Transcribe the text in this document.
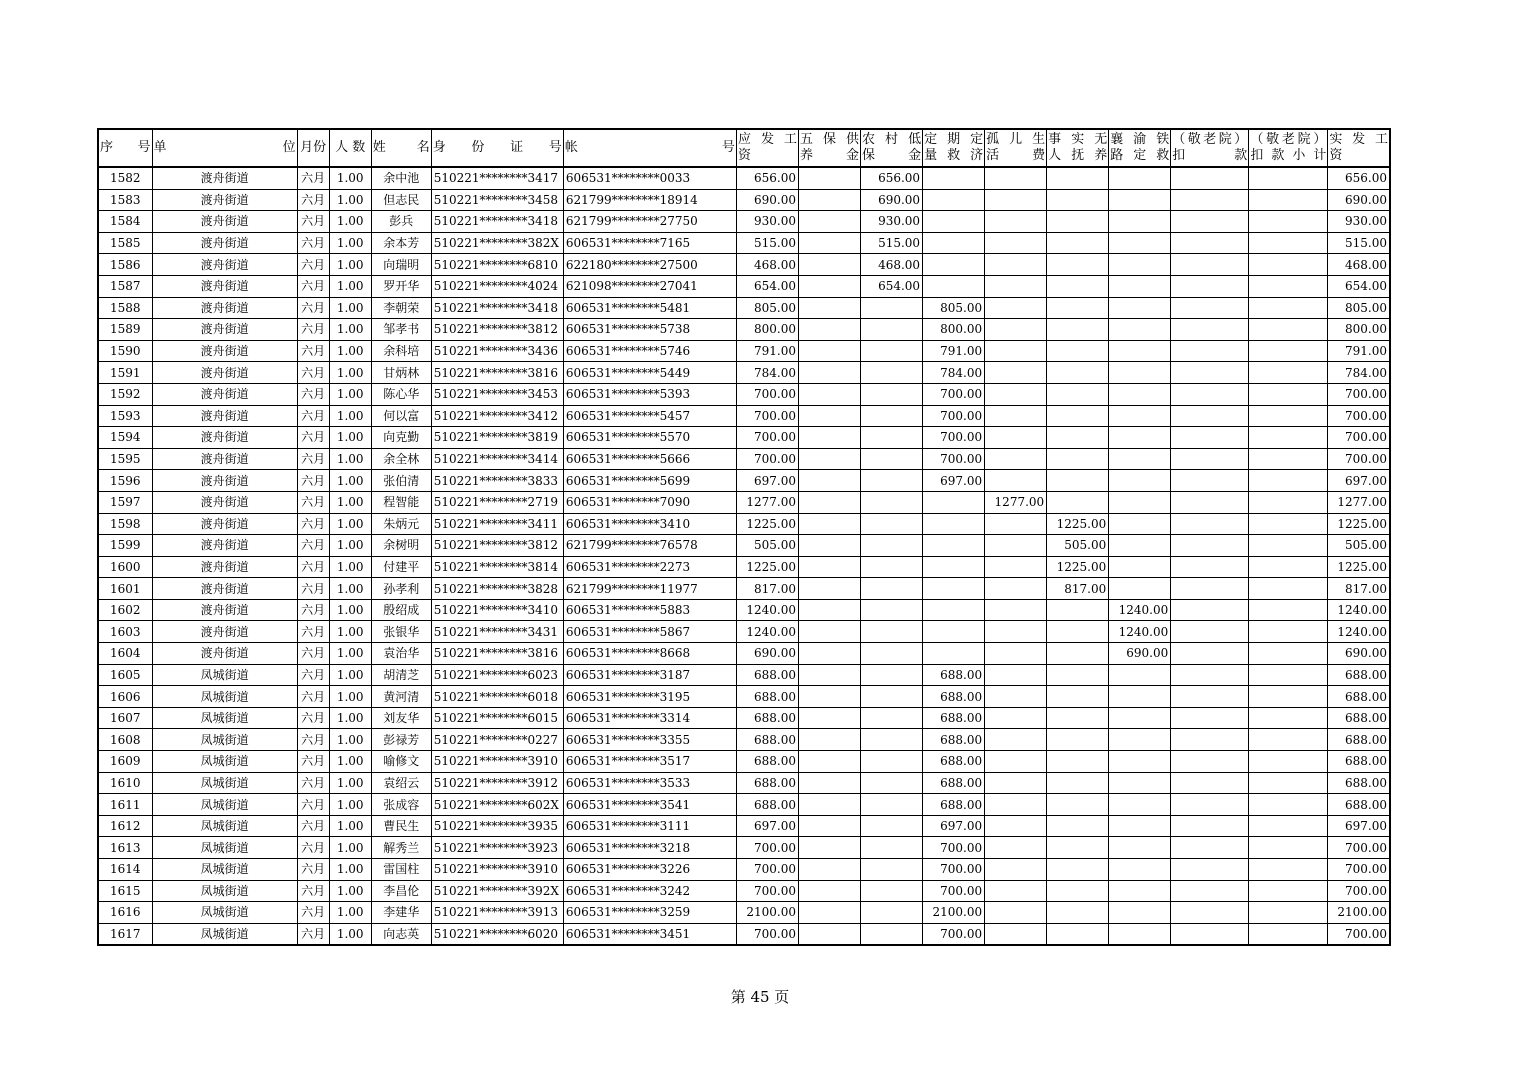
序 号	单 位	月份	人 数	姓 名	身 份 证 号	帐 号	应 发 工 资	五 保 供 养 金	农 村 低 保 金	定 期 定 量 救 济	孤 儿 生 活 费	事 实 无 人 抚 养	襄 渝 铁 路 定 救	（敬老院）扣 款	（敬老院）扣 款 小 计	实 发 工 资
1582	渡舟街道	六月	1.00	余中池	510221********3417	606531********0033	656.00		656.00							656.00
1583	渡舟街道	六月	1.00	但志民	510221********3458	621799********18914	690.00		690.00							690.00
1584	渡舟街道	六月	1.00	彭兵	510221********3418	621799********27750	930.00		930.00							930.00
1585	渡舟街道	六月	1.00	余本芳	510221********382X	606531********7165	515.00		515.00							515.00
1586	渡舟街道	六月	1.00	向瑞明	510221********6810	622180********27500	468.00		468.00							468.00
1587	渡舟街道	六月	1.00	罗开华	510221********4024	621098********27041	654.00		654.00							654.00
1588	渡舟街道	六月	1.00	李朝荣	510221********3418	606531********5481	805.00			805.00						805.00
1589	渡舟街道	六月	1.00	邹孝书	510221********3812	606531********5738	800.00			800.00						800.00
1590	渡舟街道	六月	1.00	余科培	510221********3436	606531********5746	791.00			791.00						791.00
1591	渡舟街道	六月	1.00	甘炳林	510221********3816	606531********5449	784.00			784.00						784.00
1592	渡舟街道	六月	1.00	陈心华	510221********3453	606531********5393	700.00			700.00						700.00
1593	渡舟街道	六月	1.00	何以富	510221********3412	606531********5457	700.00			700.00						700.00
1594	渡舟街道	六月	1.00	向克勤	510221********3819	606531********5570	700.00			700.00						700.00
1595	渡舟街道	六月	1.00	余全林	510221********3414	606531********5666	700.00			700.00						700.00
1596	渡舟街道	六月	1.00	张伯清	510221********3833	606531********5699	697.00			697.00						697.00
1597	渡舟街道	六月	1.00	程智能	510221********2719	606531********7090	1277.00				1277.00					1277.00
1598	渡舟街道	六月	1.00	朱炳元	510221********3411	606531********3410	1225.00					1225.00				1225.00
1599	渡舟街道	六月	1.00	余树明	510221********3812	621799********76578	505.00					505.00				505.00
1600	渡舟街道	六月	1.00	付建平	510221********3814	606531********2273	1225.00					1225.00				1225.00
1601	渡舟街道	六月	1.00	孙孝利	510221********3828	621799********11977	817.00					817.00				817.00
1602	渡舟街道	六月	1.00	殷绍成	510221********3410	606531********5883	1240.00						1240.00			1240.00
1603	渡舟街道	六月	1.00	张银华	510221********3431	606531********5867	1240.00						1240.00			1240.00
1604	渡舟街道	六月	1.00	袁治华	510221********3816	606531********8668	690.00						690.00			690.00
1605	凤城街道	六月	1.00	胡清芝	510221********6023	606531********3187	688.00			688.00						688.00
1606	凤城街道	六月	1.00	黄河清	510221********6018	606531********3195	688.00			688.00						688.00
1607	凤城街道	六月	1.00	刘友华	510221********6015	606531********3314	688.00			688.00						688.00
1608	凤城街道	六月	1.00	彭禄芳	510221********0227	606531********3355	688.00			688.00						688.00
1609	凤城街道	六月	1.00	喻修文	510221********3910	606531********3517	688.00			688.00						688.00
1610	凤城街道	六月	1.00	袁绍云	510221********3912	606531********3533	688.00			688.00						688.00
1611	凤城街道	六月	1.00	张成容	510221********602X	606531********3541	688.00			688.00						688.00
1612	凤城街道	六月	1.00	曹民生	510221********3935	606531********3111	697.00			697.00						697.00
1613	凤城街道	六月	1.00	解秀兰	510221********3923	606531********3218	700.00			700.00						700.00
1614	凤城街道	六月	1.00	雷国柱	510221********3910	606531********3226	700.00			700.00						700.00
1615	凤城街道	六月	1.00	李昌伦	510221********392X	606531********3242	700.00			700.00						700.00
1616	凤城街道	六月	1.00	李建华	510221********3913	606531********3259	2100.00			2100.00						2100.00
1617	凤城街道	六月	1.00	向志英	510221********6020	606531********3451	700.00			700.00						700.00
第 45 页
